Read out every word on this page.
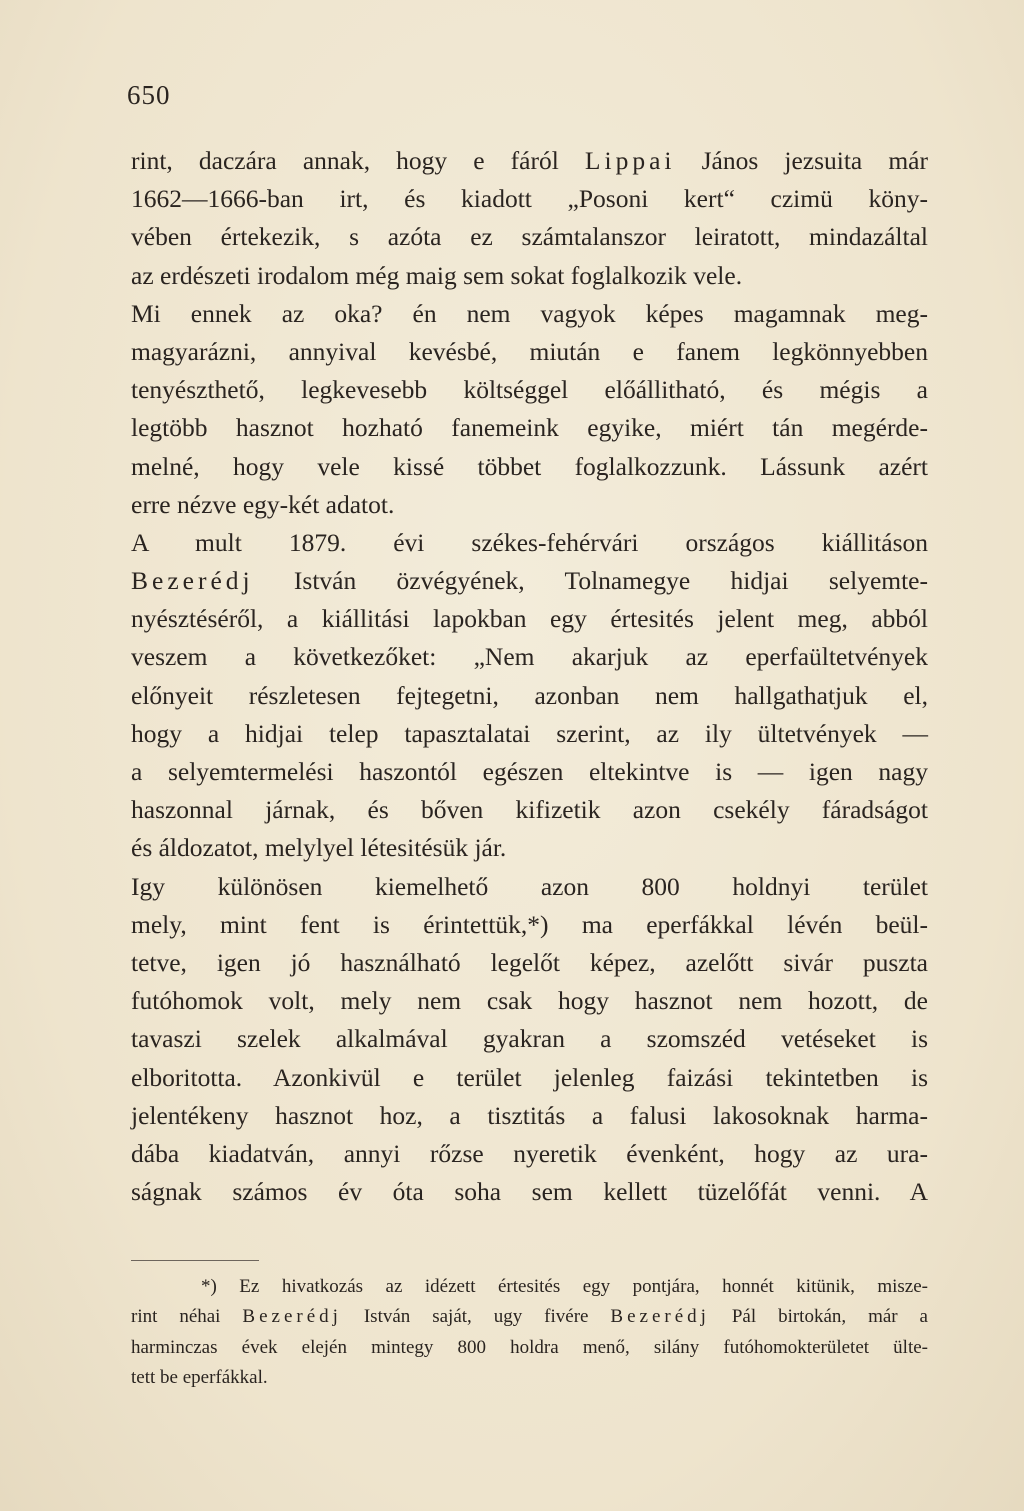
650
rint, daczára annak, hogy e fáról Lippai János jezsuita már
1662—1666-ban irt, és kiadott „Posoni kert“ czimü köny-
vében értekezik, s azóta ez számtalanszor leiratott, mindazáltal
az erdészeti irodalom még maig sem sokat foglalkozik vele.
Mi ennek az oka? én nem vagyok képes magamnak meg-
magyarázni, annyival kevésbé, miután e fanem legkönnyebben
tenyészthető, legkevesebb költséggel előállitható, és mégis a
legtöbb hasznot hozható fanemeink egyike, miért tán megérde-
melné, hogy vele kissé többet foglalkozzunk. Lássunk azért
erre nézve egy-két adatot.
A mult 1879. évi székes-fehérvári országos kiállitáson
Bezerédj István özvégyének, Tolnamegye hidjai selyemte-
nyésztéséről, a kiállitási lapokban egy értesités jelent meg, abból
veszem a következőket: „Nem akarjuk az eperfaültetvények
előnyeit részletesen fejtegetni, azonban nem hallgathatjuk el,
hogy a hidjai telep tapasztalatai szerint, az ily ültetvények —
a selyemtermelési haszontól egészen eltekintve is — igen nagy
haszonnal járnak, és bőven kifizetik azon csekély fáradságot
és áldozatot, melylyel létesitésük jár.
Igy különösen kiemelhető azon 800 holdnyi terület
mely, mint fent is érintettük,*) ma eperfákkal lévén beül-
tetve, igen jó használható legelőt képez, azelőtt sivár puszta
futóhomok volt, mely nem csak hogy hasznot nem hozott, de
tavaszi szelek alkalmával gyakran a szomszéd vetéseket is
elboritotta. Azonkivül e terület jelenleg faizási tekintetben is
jelentékeny hasznot hoz, a tisztitás a falusi lakosoknak harma-
dába kiadatván, annyi rőzse nyeretik évenként, hogy az ura-
ságnak számos év óta soha sem kellett tüzelőfát venni. A
*) Ez hivatkozás az idézett értesités egy pontjára, honnét kitünik, misze-
rint néhai Bezerédj István saját, ugy fivére Bezerédj Pál birtokán, már a
harminczas évek elején mintegy 800 holdra menő, silány futóhomokterületet ülte-
tett be eperfákkal.
